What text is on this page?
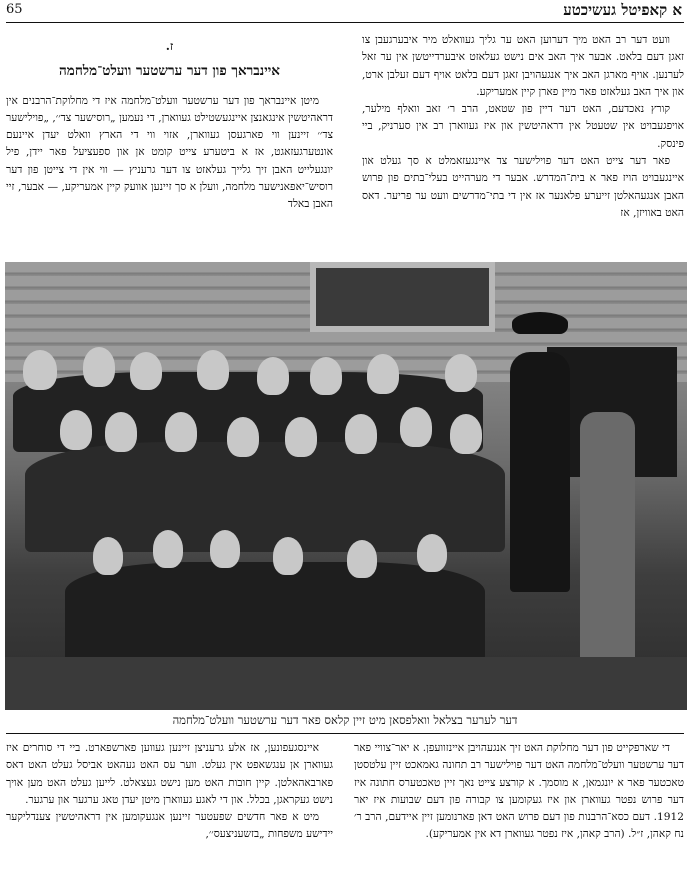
65	א קאפיטל געשיכטע

וועט דער רב האט מיך דערוען האט ער גליך געוואלט מיר איבערגעבן צו זאגן דעם בלאט. אבער איך האב אים נישט געלאזט איבערדייטשן אין ער זאל לערנען. אויף מארגן האב איך אנגעהויבן זאגן דעם בלאט אויף דעם זעלבן ארט, און איך האב געלאזט פאר מיין פארן קיין אמעריקע.

קורץ נאכדעם, האט דער דיין פון שטאט, הרב ר׳ זאב וואלף מילער, אויפגעבויט אין שטעטל אין דראהיטשין און איז געווארן רב אין סערניק, ביי פינסק.

פאר דער צייט האט דער פוילישער צד איינגעזאמלט א סך געלט און איינגעבויט הויז פאר א בית־המדרש. אבער די מערהייט בעלי־בתים פון פרוש האבן אנגעהאלטן זייערע פלאנער אז אין די בתי־מדרשים וועט ער פריער. דאס האט באוויזן, אז

ז.
איינבראך פון דער ערשטער וועלט־מלחמה

מיטן איינבראך פון דער ערשטער וועלט־מלחמה איז די מחלוקת־הרבנים אין דראהיטשין אינגאנצן איינגעשטילט געווארן, די נעמען „רוסישער צד׳׳, „פוילישער צד׳׳ זיינען ווי פארגעסן געווארן, אזוי ווי די הארץ וואלט יעדן איינעם אונטערגעזאגט, אז א ביטערע צייט קומט אן און ספעציעל פאר יידן, פיל יונגעלייט האבן זיך גלייך געלאזט צו דער גרעניץ — ווי אין די צייטן פון דער רוסיש־יאפאנישער מלחמה, וועלן א סך זיינען אוועק קיין אמעריקע, — אבער, זיי האבן באלד

דער לערער בצלאל וואלפסאן מיט זיין קלאס פאר דער ערשטער וועלט־מלחמה

די שארפקייט פון דער מחלוקת האט זיך אנגעהויבן איינזוועפן. א יאר־צוויי פאר דער ערשטער וועלט־מלחמה האט דער פוילישער רב תחונה גאמאכט זיין עלטסטן טאכטער פאר א יונגמאן, א מוסמך. א קורצע צייט נאך זיין טאכטערס חתונה איז דער פרוש נפטר געווארן און איז געקומען צו קבורה פון דעם שבועות איז יאר 1912. דעם כסא־הרבנות פון דעם פרוש האט דאן פארנומען זיין איידעם, הרב ר׳ נח קאהן, ז״ל. (הרב קאהן, איז נפטר געווארן דא אין אמעריקע).

איינסגעפונען, אז אלע גרעניצן זיינען געווען פארשפארט. ביי די סוחרים איז געווארן אן ענגשאפט אין געלט. ווער עס האט געהאט אביסל געלט האט דאס פארבאהאלטן. קיין חובות האט מען נישט געצאלט. לייען געלט האט מען אויך נישט געקראגן, בכלל. און די לאגע געווארן מיטן יעדן טאג ערגער און ערגער.

מיט א פאר חדשים שפעטער זיינען אנגעקומען אין דראהיטשין צענדליקער יידישע משפחות „בזשעניצעס׳׳,
